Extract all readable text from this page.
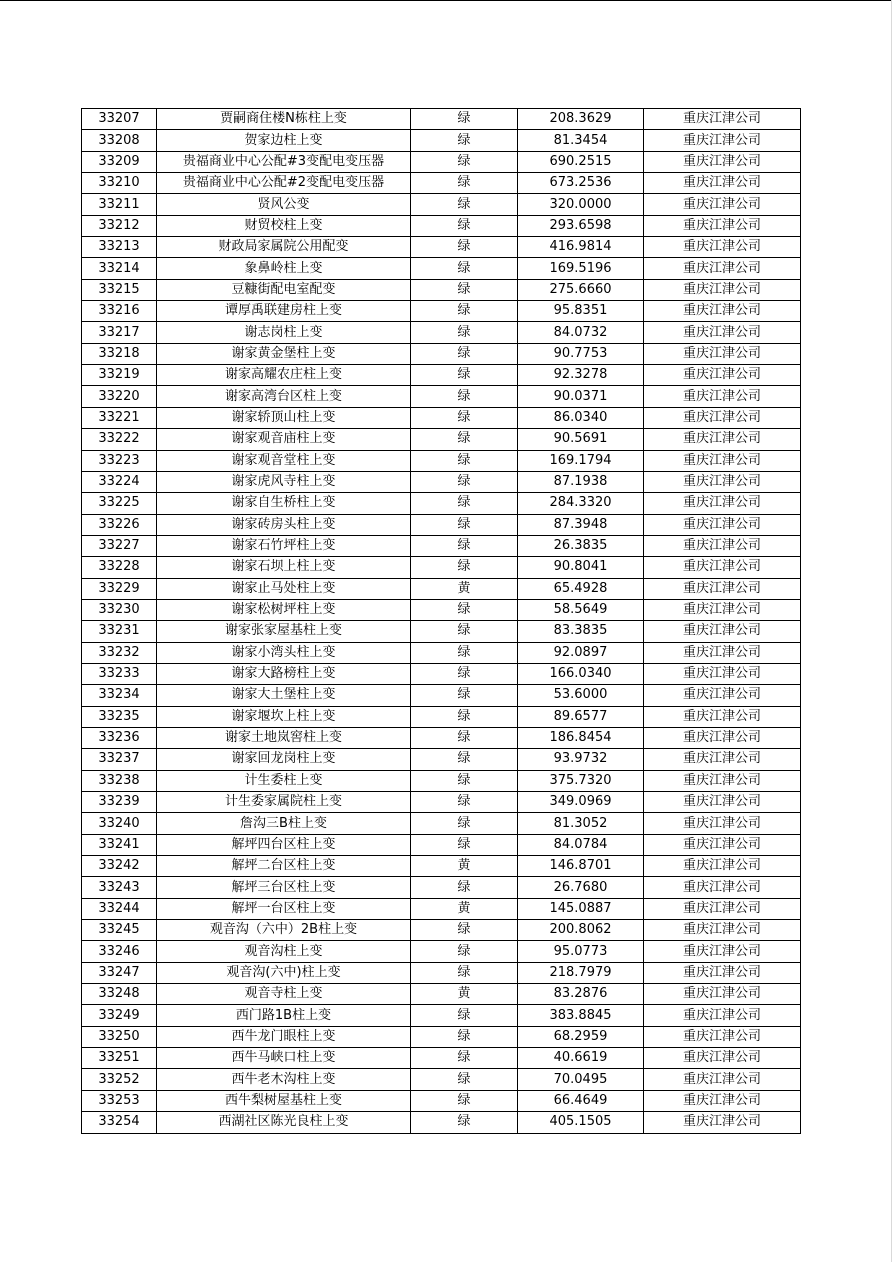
33207	贾嗣商住楼N栋柱上变	绿	208.3629	重庆江津公司
33208	贺家边柱上变	绿	81.3454	重庆江津公司
33209	贵福商业中心公配#3变配电变压器	绿	690.2515	重庆江津公司
33210	贵福商业中心公配#2变配电变压器	绿	673.2536	重庆江津公司
33211	贤风公变	绿	320.0000	重庆江津公司
33212	财贸校柱上变	绿	293.6598	重庆江津公司
33213	财政局家属院公用配变	绿	416.9814	重庆江津公司
33214	象鼻岭柱上变	绿	169.5196	重庆江津公司
33215	豆糠街配电室配变	绿	275.6660	重庆江津公司
33216	谭厚禹联建房柱上变	绿	95.8351	重庆江津公司
33217	谢志岗柱上变	绿	84.0732	重庆江津公司
33218	谢家黄金堡柱上变	绿	90.7753	重庆江津公司
33219	谢家高耀农庄柱上变	绿	92.3278	重庆江津公司
33220	谢家高湾台区柱上变	绿	90.0371	重庆江津公司
33221	谢家轿顶山柱上变	绿	86.0340	重庆江津公司
33222	谢家观音庙柱上变	绿	90.5691	重庆江津公司
33223	谢家观音堂柱上变	绿	169.1794	重庆江津公司
33224	谢家虎风寺柱上变	绿	87.1938	重庆江津公司
33225	谢家自生桥柱上变	绿	284.3320	重庆江津公司
33226	谢家砖房头柱上变	绿	87.3948	重庆江津公司
33227	谢家石竹坪柱上变	绿	26.3835	重庆江津公司
33228	谢家石坝上柱上变	绿	90.8041	重庆江津公司
33229	谢家止马处柱上变	黄	65.4928	重庆江津公司
33230	谢家松树坪柱上变	绿	58.5649	重庆江津公司
33231	谢家张家屋基柱上变	绿	83.3835	重庆江津公司
33232	谢家小湾头柱上变	绿	92.0897	重庆江津公司
33233	谢家大路榜柱上变	绿	166.0340	重庆江津公司
33234	谢家大土堡柱上变	绿	53.6000	重庆江津公司
33235	谢家堰坎上柱上变	绿	89.6577	重庆江津公司
33236	谢家土地岚窖柱上变	绿	186.8454	重庆江津公司
33237	谢家回龙岗柱上变	绿	93.9732	重庆江津公司
33238	计生委柱上变	绿	375.7320	重庆江津公司
33239	计生委家属院柱上变	绿	349.0969	重庆江津公司
33240	詹沟三B柱上变	绿	81.3052	重庆江津公司
33241	解坪四台区柱上变	绿	84.0784	重庆江津公司
33242	解坪二台区柱上变	黄	146.8701	重庆江津公司
33243	解坪三台区柱上变	绿	26.7680	重庆江津公司
33244	解坪一台区柱上变	黄	145.0887	重庆江津公司
33245	观音沟（六中）2B柱上变	绿	200.8062	重庆江津公司
33246	观音沟柱上变	绿	95.0773	重庆江津公司
33247	观音沟(六中)柱上变	绿	218.7979	重庆江津公司
33248	观音寺柱上变	黄	83.2876	重庆江津公司
33249	西门路1B柱上变	绿	383.8845	重庆江津公司
33250	西牛龙门眼柱上变	绿	68.2959	重庆江津公司
33251	西牛马峡口柱上变	绿	40.6619	重庆江津公司
33252	西牛老木沟柱上变	绿	70.0495	重庆江津公司
33253	西牛梨树屋基柱上变	绿	66.4649	重庆江津公司
33254	西湖社区陈光良柱上变	绿	405.1505	重庆江津公司
